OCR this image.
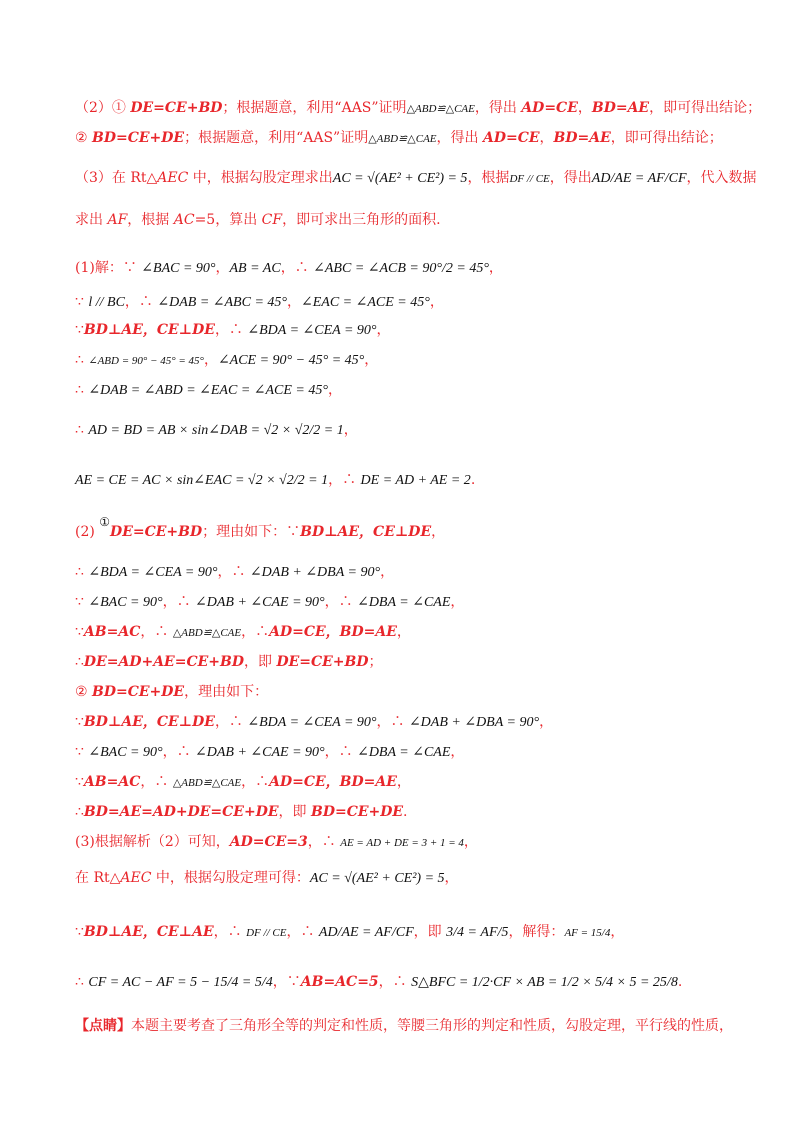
（2）① DE=CE+BD；根据题意，利用“AAS”证明△ABD≌△CAE，得出 AD=CE，BD=AE，即可得出结论；
② BD=CE+DE；根据题意，利用“AAS”证明△ABD≌△CAE，得出 AD=CE，BD=AE，即可得出结论；
（3）在 Rt△AEC 中，根据勾股定理求出AC = √(AE² + CE²) = 5，根据DF // CE，得出AD/AE = AF/CF，代入数据
求出 AF，根据 AC=5，算出 CF，即可求出三角形的面积.
(1)解：∵ ∠BAC = 90°，AB = AC，∴ ∠ABC = ∠ACB = 90°/2 = 45°，
∵ l // BC，∴ ∠DAB = ∠ABC = 45°，∠EAC = ∠ACE = 45°，
∵BD⊥AE，CE⊥DE，∴ ∠BDA = ∠CEA = 90°，
∴ ∠ABD = 90° − 45° = 45°，∠ACE = 90° − 45° = 45°，
∴ ∠DAB = ∠ABD = ∠EAC = ∠ACE = 45°，
∴ AD = BD = AB × sin∠DAB = √2 × √2/2 = 1，
AE = CE = AC × sin∠EAC = √2 × √2/2 = 1，∴ DE = AD + AE = 2.
(2) ①DE=CE+BD；理由如下：∵BD⊥AE，CE⊥DE，
∴ ∠BDA = ∠CEA = 90°，∴ ∠DAB + ∠DBA = 90°，
∵ ∠BAC = 90°，∴ ∠DAB + ∠CAE = 90°，∴ ∠DBA = ∠CAE，
∵AB=AC，∴ △ABD≌△CAE，∴AD=CE，BD=AE，
∴DE=AD+AE=CE+BD，即 DE=CE+BD；
② BD=CE+DE，理由如下：
∵BD⊥AE，CE⊥DE，∴ ∠BDA = ∠CEA = 90°，∴ ∠DAB + ∠DBA = 90°，
∵ ∠BAC = 90°，∴ ∠DAB + ∠CAE = 90°，∴ ∠DBA = ∠CAE，
∵AB=AC，∴ △ABD≌△CAE，∴AD=CE，BD=AE，
∴BD=AE=AD+DE=CE+DE，即 BD=CE+DE.
(3)根据解析（2）可知，AD=CE=3，∴ AE = AD + DE = 3 + 1 = 4，
在 Rt△AEC 中，根据勾股定理可得：AC = √(AE² + CE²) = 5，
∵BD⊥AE，CE⊥AE，∴ DF // CE，∴ AD/AE = AF/CF，即 3/4 = AF/5，解得：AF = 15/4，
∴ CF = AC − AF = 5 − 15/4 = 5/4，∵AB=AC=5，∴ S△BFC = 1/2·CF × AB = 1/2 × 5/4 × 5 = 25/8.
【点睛】本题主要考查了三角形全等的判定和性质，等腰三角形的判定和性质，勾股定理，平行线的性质，
